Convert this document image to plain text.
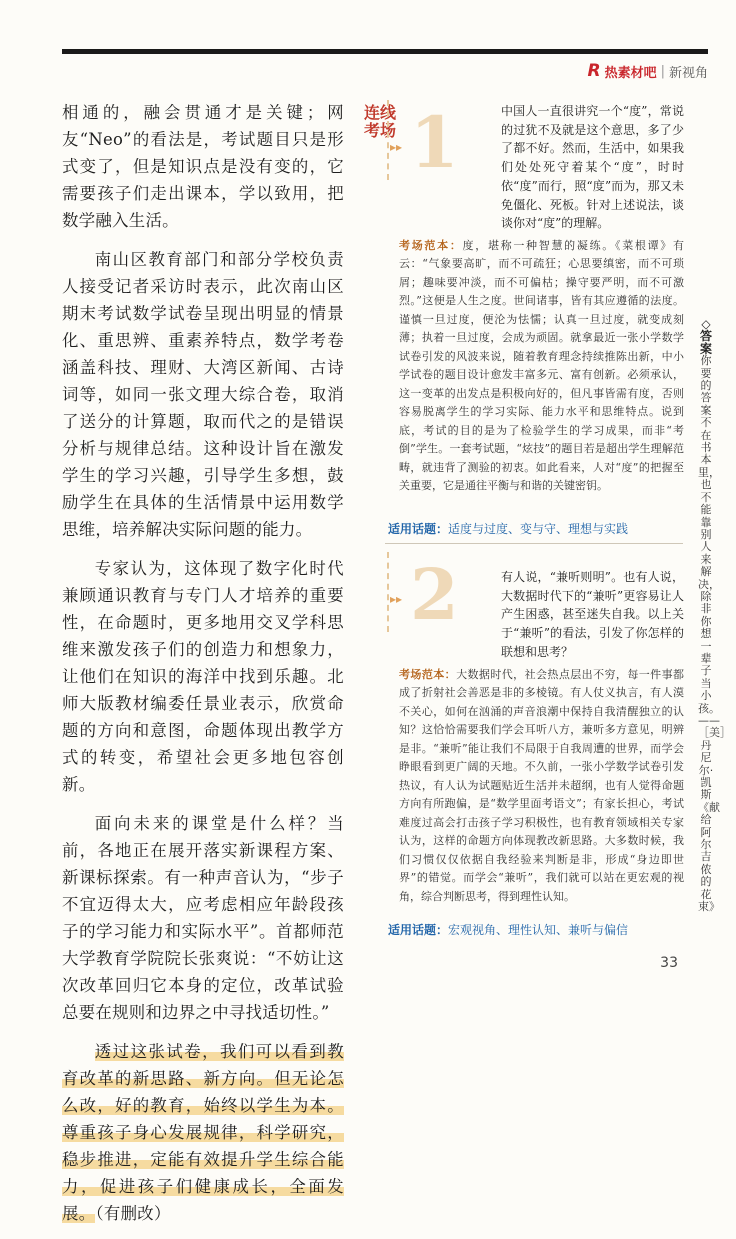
R 热素材吧 | 新视角

相通的，融会贯通才是关键；网友“Neo”的看法是，考试题目只是形式变了，但是知识点是没有变的，它需要孩子们走出课本，学以致用，把数学融入生活。

南山区教育部门和部分学校负责人接受记者采访时表示，此次南山区期末考试数学试卷呈现出明显的情景化、重思辨、重素养特点，数学考卷涵盖科技、理财、大湾区新闻、古诗词等，如同一张文理大综合卷，取消了送分的计算题，取而代之的是错误分析与规律总结。这种设计旨在激发学生的学习兴趣，引导学生多想，鼓励学生在具体的生活情景中运用数学思维，培养解决实际问题的能力。

专家认为，这体现了数字化时代兼顾通识教育与专门人才培养的重要性，在命题时，更多地用交叉学科思维来激发孩子们的创造力和想象力，让他们在知识的海洋中找到乐趣。北师大版教材编委任景业表示，欣赏命题的方向和意图，命题体现出教学方式的转变，希望社会更多地包容创新。

面向未来的课堂是什么样？当前，各地正在展开落实新课程方案、新课标探索。有一种声音认为，“步子不宜迈得太大，应考虑相应年龄段孩子的学习能力和实际水平”。首都师范大学教育学院院长张爽说：“不妨让这次改革回归它本身的定位，改革试验总要在规则和边界之中寻找适切性。”

透过这张试卷，我们可以看到教育改革的新思路、新方向。但无论怎么改，好的教育，始终以学生为本。尊重孩子身心发展规律，科学研究，稳步推进，定能有效提升学生综合能力，促进孩子们健康成长，全面发展。（有删改）

连线考场
▸▸ 1	中国人一直很讲究一个“度”，常说的过犹不及就是这个意思，多了少了都不好。然而，生活中，如果我们处处死守着某个“度”，时时依“度”而行，照“度”而为，那又未免僵化、死板。针对上述说法，谈谈你对“度”的理解。
考场范本：度，堪称一种智慧的凝练。《菜根谭》有云：“气象要高旷，而不可疏狂；心思要缜密，而不可琐屑；趣味要冲淡，而不可偏枯；操守要严明，而不可激烈。”这便是人生之度。世间诸事，皆有其应遵循的法度。谨慎一旦过度，便沦为怯懦；认真一旦过度，就变成刻薄；执着一旦过度，会成为顽固。就拿最近一张小学数学试卷引发的风波来说，随着教育理念持续推陈出新，中小学试卷的题目设计愈发丰富多元、富有创新。必须承认，这一变革的出发点是积极向好的，但凡事皆需有度，否则容易脱离学生的学习实际、能力水平和思维特点。说到底，考试的目的是为了检验学生的学习成果，而非“考倒”学生。一套考试题，“炫技”的题目若是超出学生理解范畴，就违背了测验的初衷。如此看来，人对“度”的把握至关重要，它是通往平衡与和谐的关键密钥。
适用话题：适度与过度、变与守、理想与实践
▸▸ 2	有人说，“兼听则明”。也有人说，大数据时代下的“兼听”更容易让人产生困惑，甚至迷失自我。以上关于“兼听”的看法，引发了你怎样的联想和思考？
考场范本：大数据时代，社会热点层出不穷，每一件事都成了折射社会善恶是非的多棱镜。有人仗义执言，有人漠不关心，如何在汹涌的声音浪潮中保持自我清醒独立的认知？这恰恰需要我们学会耳听八方，兼听多方意见，明辨是非。“兼听”能让我们不局限于自我周遭的世界，而学会睁眼看到更广阔的天地。不久前，一张小学数学试卷引发热议，有人认为试题贴近生活并未超纲，也有人觉得命题方向有所跑偏，是“数学里面考语文”；有家长担心，考试难度过高会打击孩子学习积极性，也有教育领域相关专家认为，这样的命题方向体现教改新思路。大多数时候，我们习惯仅仅依据自我经验来判断是非，形成“身边即世界”的错觉。而学会“兼听”，我们就可以站在更宏观的视角，综合判断思考，得到理性认知。
适用话题：宏观视角、理性认知、兼听与偏信
◇答案
你要的答案不在书本里，也不能靠别人来解决，除非你想一辈子当小孩。
——［美］丹尼尔·凯斯《献给阿尔吉侬的花束》
33
